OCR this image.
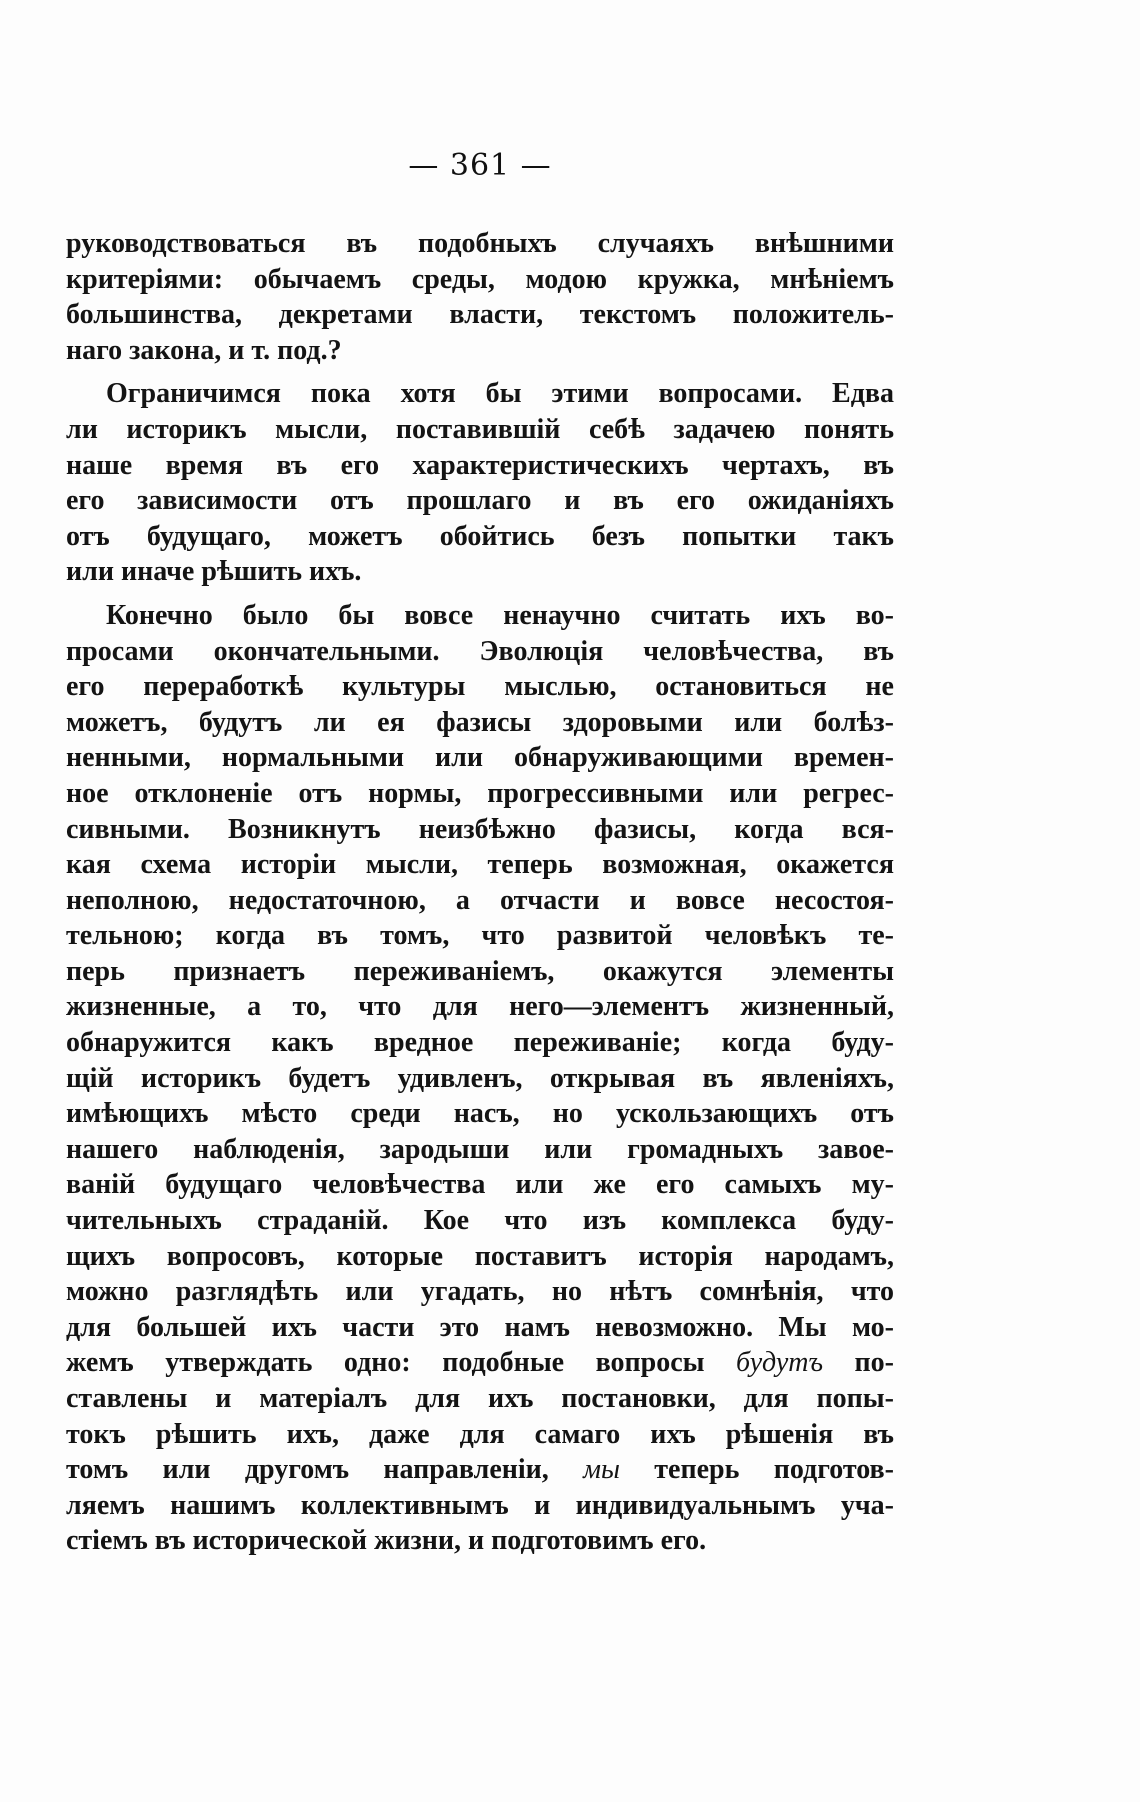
— 361 —
руководствоваться въ подобныхъ случаяхъ внѣшними
критеріями: обычаемъ среды, модою кружка, мнѣніемъ
большинства, декретами власти, текстомъ положитель-
наго закона, и т. под.?
Ограничимся пока хотя бы этими вопросами. Едва
ли историкъ мысли, поставившій себѣ задачею понять
наше время въ его характеристическихъ чертахъ, въ
его зависимости отъ прошлаго и въ его ожиданіяхъ
отъ будущаго, можетъ обойтись безъ попытки такъ
или иначе рѣшить ихъ.
Конечно было бы вовсе ненаучно считать ихъ во-
просами окончательными. Эволюція человѣчества, въ
его переработкѣ культуры мыслью, остановиться не
можетъ, будутъ ли ея фазисы здоровыми или болѣз-
ненными, нормальными или обнаруживающими времен-
ное отклоненіе отъ нормы, прогрессивными или регрес-
сивными. Возникнутъ неизбѣжно фазисы, когда вся-
кая схема исторіи мысли, теперь возможная, окажется
неполною, недостаточною, а отчасти и вовсе несостоя-
тельною; когда въ томъ, что развитой человѣкъ те-
перь признаетъ переживаніемъ, окажутся элементы
жизненные, а то, что для него—элементъ жизненный,
обнаружится какъ вредное переживаніе; когда буду-
щій историкъ будетъ удивленъ, открывая въ явленіяхъ,
имѣющихъ мѣсто среди насъ, но ускользающихъ отъ
нашего наблюденія, зародыши или громадныхъ завое-
ваній будущаго человѣчества или же его самыхъ му-
чительныхъ страданій. Кое что изъ комплекса буду-
щихъ вопросовъ, которые поставитъ исторія народамъ,
можно разглядѣть или угадать, но нѣтъ сомнѣнія, что
для большей ихъ части это намъ невозможно. Мы мо-
жемъ утверждать одно: подобные вопросы будутъ по-
ставлены и матеріалъ для ихъ постановки, для попы-
токъ рѣшить ихъ, даже для самаго ихъ рѣшенія въ
томъ или другомъ направленіи, мы теперь подготов-
ляемъ нашимъ коллективнымъ и индивидуальнымъ уча-
стіемъ въ исторической жизни, и подготовимъ его.
